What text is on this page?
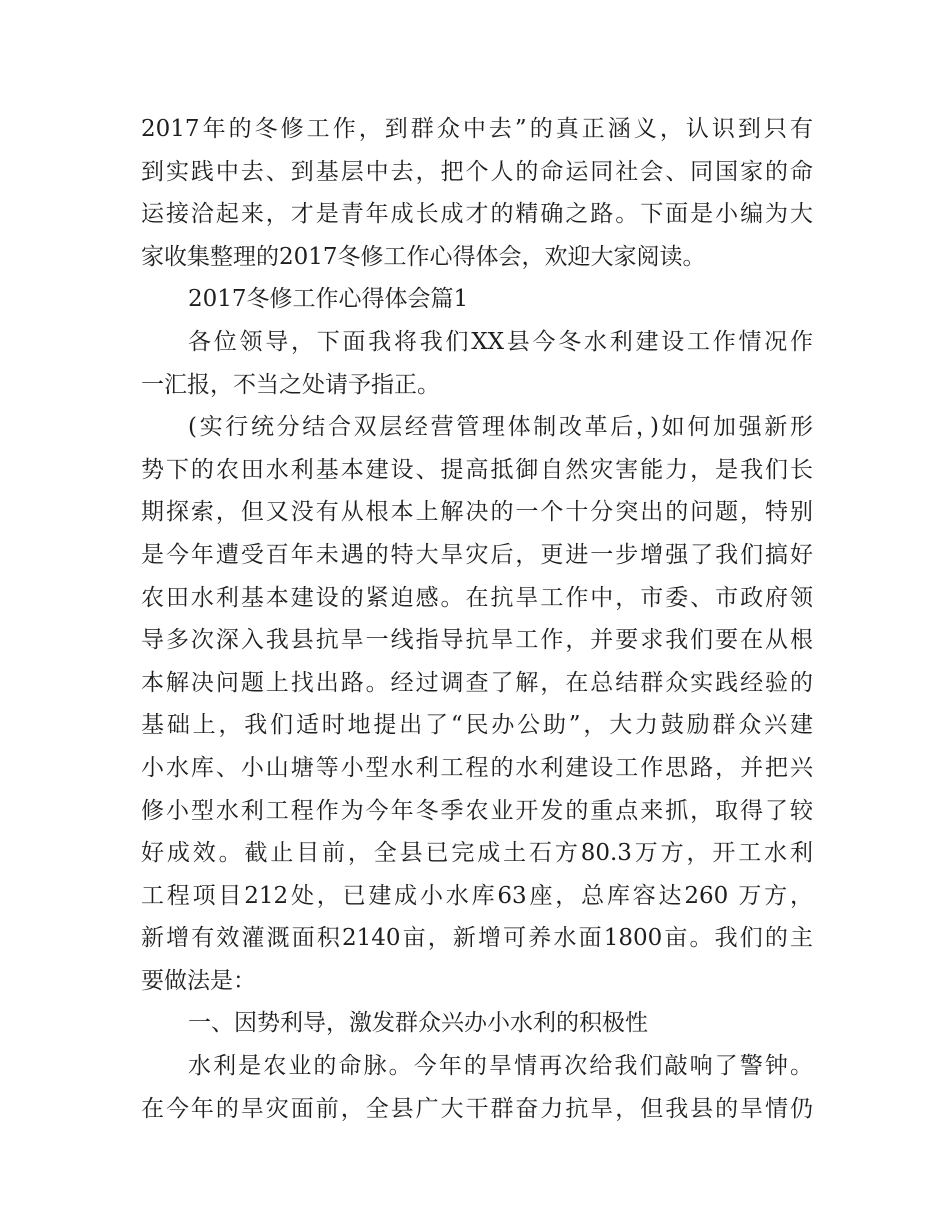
2017年的冬修工作，到群众中去”的真正涵义，认识到只有
到实践中去、到基层中去，把个人的命运同社会、同国家的命
运接洽起来，才是青年成长成才的精确之路。下面是小编为大
家收集整理的2017冬修工作心得体会，欢迎大家阅读。
2017冬修工作心得体会篇1
各位领导，下面我将我们XX县今冬水利建设工作情况作
一汇报，不当之处请予指正。
(实行统分结合双层经营管理体制改革后，)如何加强新形
势下的农田水利基本建设、提高抵御自然灾害能力，是我们长
期探索，但又没有从根本上解决的一个十分突出的问题，特别
是今年遭受百年未遇的特大旱灾后，更进一步增强了我们搞好
农田水利基本建设的紧迫感。在抗旱工作中，市委、市政府领
导多次深入我县抗旱一线指导抗旱工作，并要求我们要在从根
本解决问题上找出路。经过调查了解，在总结群众实践经验的
基础上，我们适时地提出了“民办公助”，大力鼓励群众兴建
小水库、小山塘等小型水利工程的水利建设工作思路，并把兴
修小型水利工程作为今年冬季农业开发的重点来抓，取得了较
好成效。截止目前，全县已完成土石方80.3万方，开工水利
工程项目212处，已建成小水库63座，总库容达260 万方，
新增有效灌溉面积2140亩，新增可养水面1800亩。我们的主
要做法是：
一、因势利导，激发群众兴办小水利的积极性
水利是农业的命脉。今年的旱情再次给我们敲响了警钟。
在今年的旱灾面前，全县广大干群奋力抗旱，但我县的旱情仍
